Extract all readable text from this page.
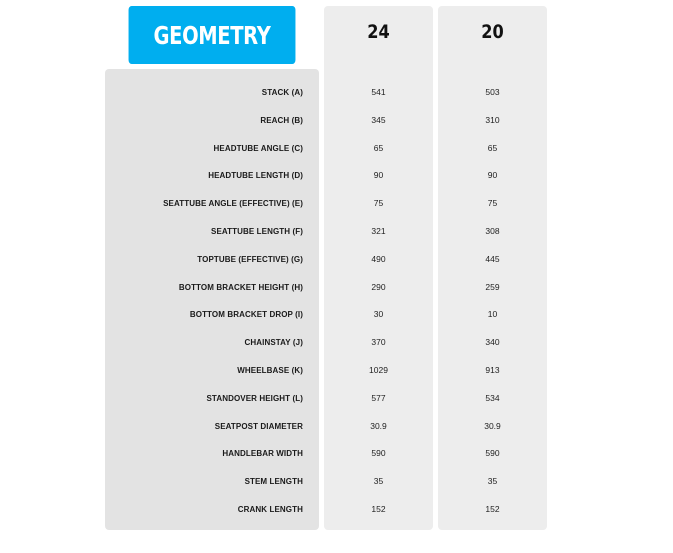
GEOMETRY
STACK (A)
REACH (B)
HEADTUBE ANGLE (C)
HEADTUBE LENGTH (D)
SEATTUBE ANGLE (EFFECTIVE) (E)
SEATTUBE LENGTH (F)
TOPTUBE (EFFECTIVE) (G)
BOTTOM BRACKET HEIGHT (H)
BOTTOM BRACKET DROP (I)
CHAINSTAY (J)
WHEELBASE (K)
STANDOVER HEIGHT (L)
SEATPOST DIAMETER
HANDLEBAR WIDTH
STEM LENGTH
CRANK LENGTH
24
541
345
65
90
75
321
490
290
30
370
1029
577
30.9
590
35
152
20
503
310
65
90
75
308
445
259
10
340
913
534
30.9
590
35
152
